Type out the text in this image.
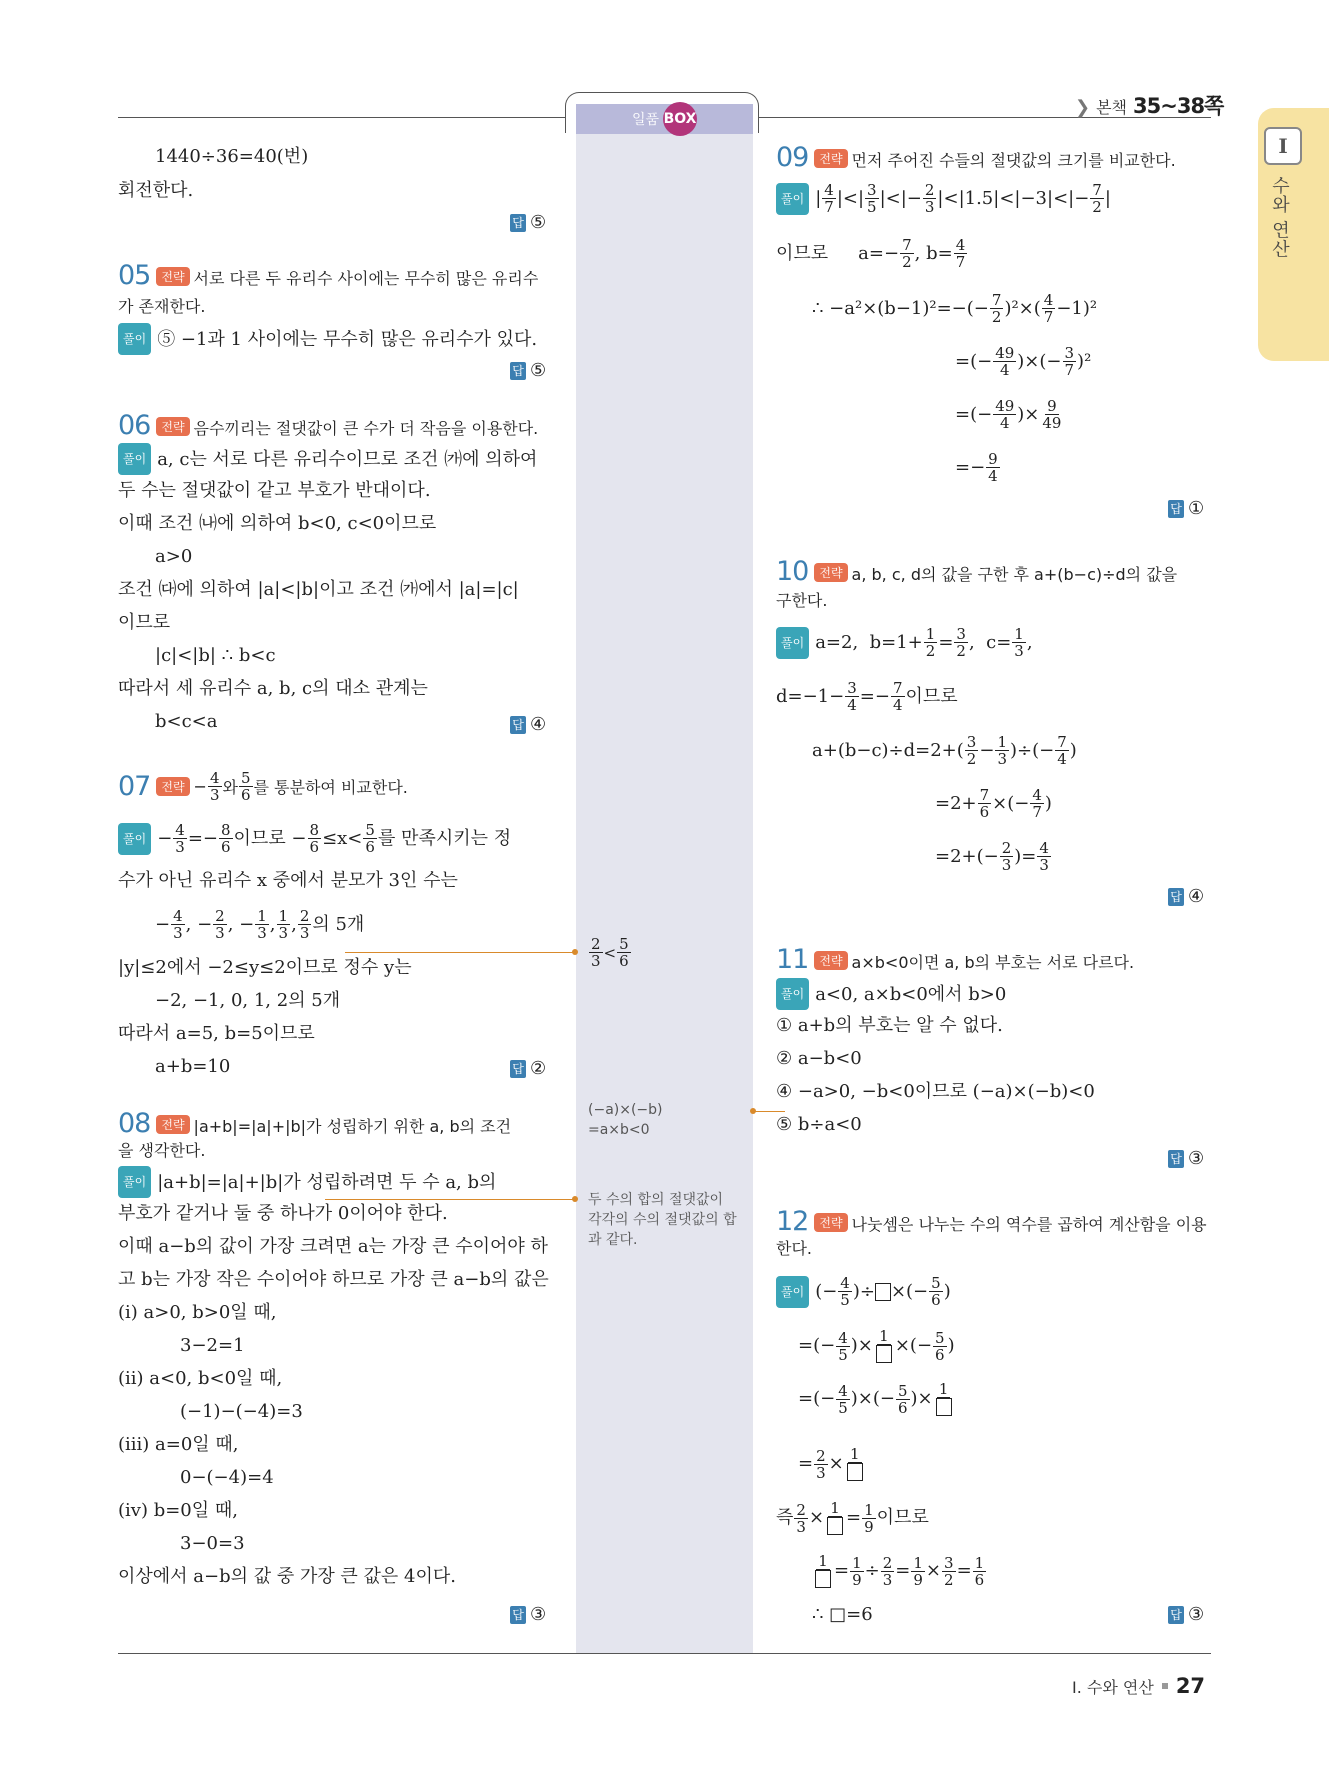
일품 BOX
❯ 본책 35~38쪽
I
수와 연산
1440÷36=40(번)
회전한다.
답 ⑤
05 전략 서로 다른 두 유리수 사이에는 무수히 많은 유리수
가 존재한다.
풀이 ⑤ −1과 1 사이에는 무수히 많은 유리수가 있다.
답 ⑤
06 전략 음수끼리는 절댓값이 큰 수가 더 작음을 이용한다.
풀이 a, c는 서로 다른 유리수이므로 조건 ㈎에 의하여
두 수는 절댓값이 같고 부호가 반대이다.
이때 조건 ㈏에 의하여 b<0, c<0이므로
a>0
조건 ㈐에 의하여 |a|<|b|이고 조건 ㈎에서 |a|=|c|
이므로
|c|<|b| ∴ b<c
따라서 세 유리수 a, b, c의 대소 관계는
b<c<a	답 ④
07 전략 − $\frac{4}{3}$ 와 $\frac{5}{6}$ 를 통분하여 비교한다.
풀이 − $\frac{4}{3} =- \frac{8}{6}$ 이므로 − $\frac{8}{6} \le x< \frac{5}{6}$ 를 만족시키는 정
수가 아닌 유리수 x 중에서 분모가 3인 수는
− $\frac{4}{3}$ , − $\frac{2}{3}$ , − $\frac{1}{3}$ , $\frac{1}{3}$ , $\frac{2}{3}$ 의 5개
|y|≤2에서 −2≤y≤2이므로 정수 y는
−2, −1, 0, 1, 2의 5개
따라서 a=5, b=5이므로
a+b=10	답 ②
08 전략 |a+b|=|a|+|b|가 성립하기 위한 a, b의 조건
을 생각한다.
풀이 |a+b|=|a|+|b|가 성립하려면 두 수 a, b의
부호가 같거나 둘 중 하나가 0이어야 한다.
이때 a−b의 값이 가장 크려면 a는 가장 큰 수이어야 하
고 b는 가장 작은 수이어야 하므로 가장 큰 a−b의 값은
(ⅰ) a>0, b>0일 때,
3−2=1
(ⅱ) a<0, b<0일 때,
(−1)−(−4)=3
(ⅲ) a=0일 때,
0−(−4)=4
(ⅳ) b=0일 때,
3−0=3
이상에서 a−b의 값 중 가장 큰 값은 4이다.
답 ③
$\frac{2}{3} < \frac{5}{6}$
(−a)×(−b)
=a×b<0
두 수의 합의 절댓값이
각각의 수의 절댓값의 합
과 같다.
09 전략 먼저 주어진 수들의 절댓값의 크기를 비교한다.
풀이 | $\frac{4}{7}$ |<| $\frac{3}{5}$ |<|− $\frac{2}{3} |<|1.5|<|-3|<|- \frac{7}{2}$ |
이므로 $a=- \frac{7}{2}$ , $b= \frac{4}{7}$
∴ −a²×(b−1)²=− (− $\frac{7}{2} )^2\times( \frac{4}{7} -1)^2$
=(− $\frac{49}{4}$ )×(− $\frac{3}{7} )^2$
=(− $\frac{49}{4}$ )× $\frac{9}{49}$
=− $\frac{9}{4}$
답 ①
10 전략 a, b, c, d의 값을 구한 후 a+(b−c)÷d의 값을
구한다.
풀이 a=2,  $b=1+ \frac{1}{2} = \frac{3}{2}$ ,  $c= \frac{1}{3}$ ,
$d=-1- \frac{3}{4} =- \frac{7}{4}$ 이므로
$a+(b-c)\div d=2+( \frac{3}{2} - \frac{1}{3}$ )÷(− $\frac{7}{4}$ )
$=2+ \frac{7}{6}$ ×(− $\frac{4}{7}$ )
$=2+(- \frac{2}{3}$ )= $\frac{4}{3}$
답 ④
11 전략 a×b<0이면 a, b의 부호는 서로 다르다.
풀이 a<0, a×b<0에서 b>0
① a+b의 부호는 알 수 없다.
② a−b<0
④ −a>0, −b<0이므로 (−a)×(−b)<0
⑤ b÷a<0
답 ③
12 전략 나눗셈은 나누는 수의 역수를 곱하여 계산함을 이용
한다.
풀이 (− $\frac{4}{5}$ )÷ ×(− $\frac{5}{6}$ )
=(− $\frac{4}{5}$ )× 1 ×(− $\frac{5}{6}$ )
=(− $\frac{4}{5}$ )×(− $\frac{5}{6}$ )× 1
= $\frac{2}{3} \times 1$
즉 $\frac{2}{3} \times 1 = \frac{1}{9}$ 이므로
$1 = \frac{1}{9} \div \frac{2}{3} = \frac{1}{9} \times \frac{3}{2} = \frac{1}{6}$
∴ □=6	답 ③
I. 수와 연산 27
